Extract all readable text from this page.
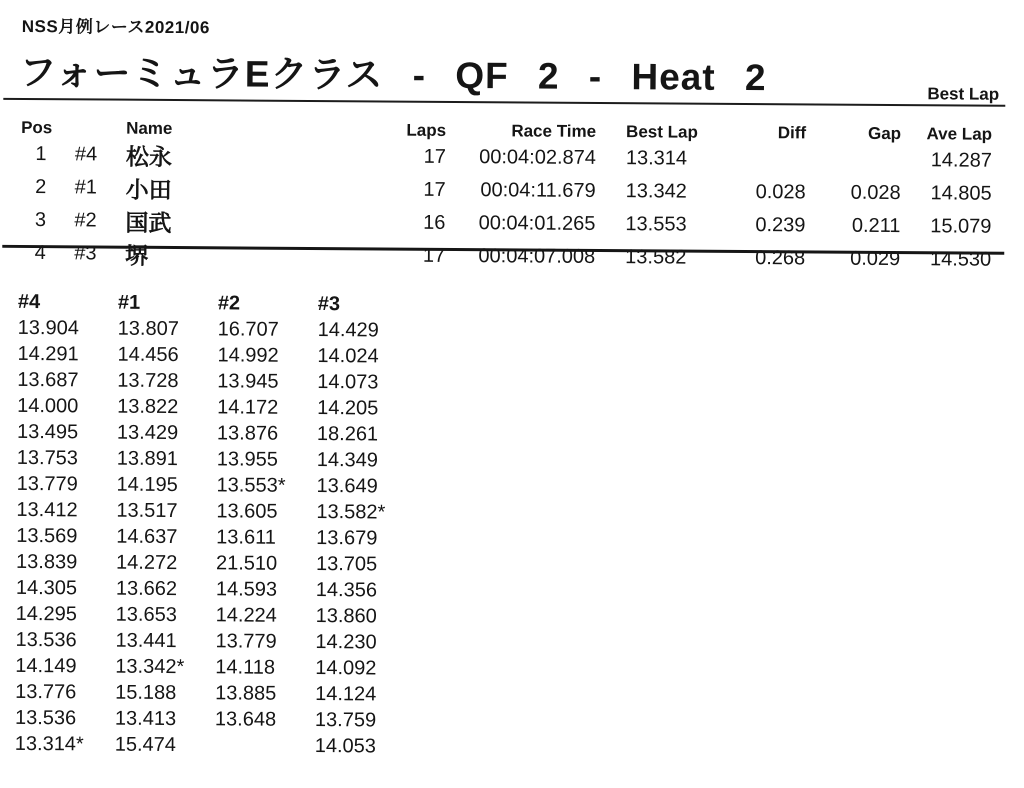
NSS月例レース2021/06
フォーミュラEクラス - QF 2 - Heat 2	Best Lap
Pos		Name	Laps	Race Time	Best Lap	Diff	Gap	Ave Lap
1	#4	松永	17	00:04:02.874	13.314			14.287
2	#1	小田	17	00:04:11.679	13.342	0.028	0.028	14.805
3	#2	国武	16	00:04:01.265	13.553	0.239	0.211	15.079
4	#3	堺	17	00:04:07.008	13.582	0.268	0.029	14.530
#4	#1	#2	#3
13.904	13.807	16.707	14.429
14.291	14.456	14.992	14.024
13.687	13.728	13.945	14.073
14.000	13.822	14.172	14.205
13.495	13.429	13.876	18.261
13.753	13.891	13.955	14.349
13.779	14.195	13.553*	13.649
13.412	13.517	13.605	13.582*
13.569	14.637	13.611	13.679
13.839	14.272	21.510	13.705
14.305	13.662	14.593	14.356
14.295	13.653	14.224	13.860
13.536	13.441	13.779	14.230
14.149	13.342*	14.118	14.092
13.776	15.188	13.885	14.124
13.536	13.413	13.648	13.759
13.314*	15.474		14.053
